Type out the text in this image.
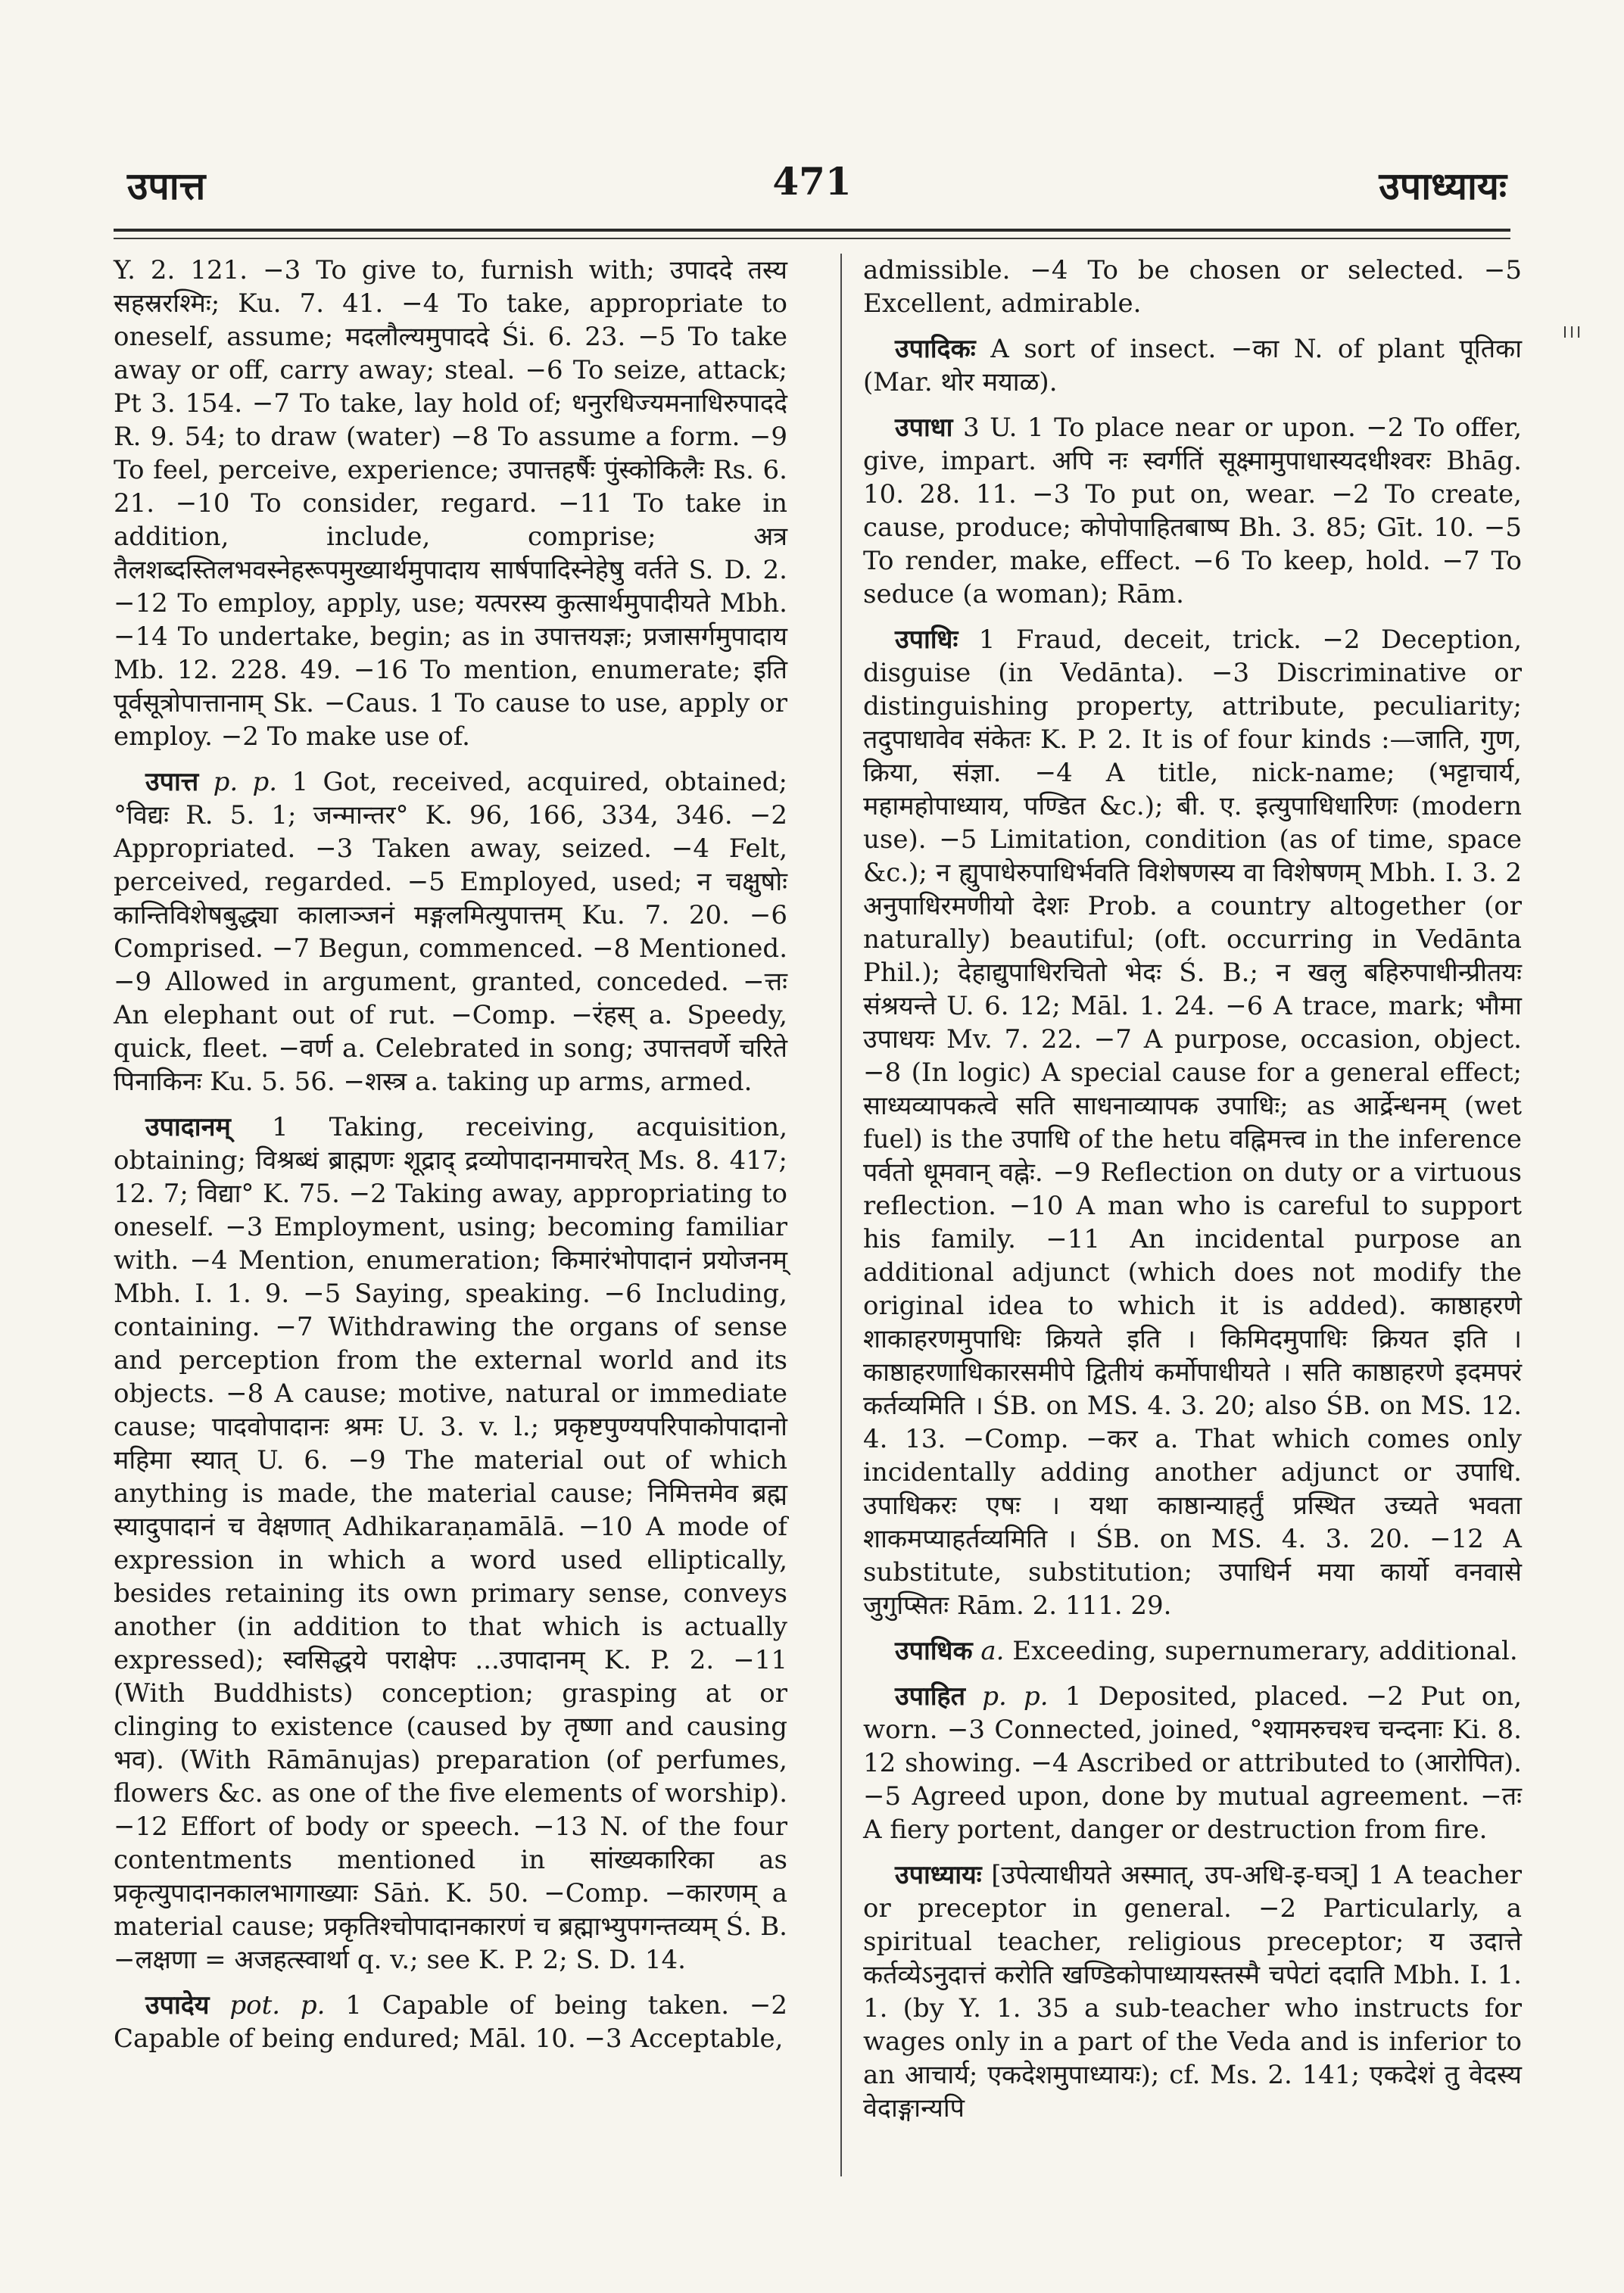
उपात्त	471	उपाध्यायः
।।।

Y. 2. 121. −3 To give to, furnish with; उपाददे तस्य सहस्ररश्मिः; Ku. 7. 41. −4 To take, appropriate to oneself, assume; मदलौल्यमुपाददे Śi. 6. 23. −5 To take away or off, carry away; steal. −6 To seize, attack; Pt 3. 154. −7 To take, lay hold of; धनुरधिज्यमनाधिरुपाददे R. 9. 54; to draw (water) −8 To assume a form. −9 To feel, perceive, experience; उपात्तहर्षैः पुंस्कोकिलैः Rs. 6. 21. −10 To consider, regard. −11 To take in addition, include, comprise; अत्र तैलशब्दस्तिलभवस्नेहरूपमुख्यार्थमुपादाय सार्षपादिस्नेहेषु वर्तते S. D. 2. −12 To employ, apply, use; यत्परस्य कुत्सार्थमुपादीयते Mbh. −14 To undertake, begin; as in उपात्तयज्ञः; प्रजासर्गमुपादाय Mb. 12. 228. 49. −16 To mention, enumerate; इति पूर्वसूत्रोपात्तानाम् Sk. −Caus. 1 To cause to use, apply or employ. −2 To make use of.

उपात्त p. p. 1 Got, received, acquired, obtained; °विद्यः R. 5. 1; जन्मान्तर° K. 96, 166, 334, 346. −2 Appropriated. −3 Taken away, seized. −4 Felt, perceived, regarded. −5 Employed, used; न चक्षुषोः कान्तिविशेषबुद्ध्या कालाञ्जनं मङ्गलमित्युपात्तम् Ku. 7. 20. −6 Comprised. −7 Begun, commenced. −8 Mentioned. −9 Allowed in argument, granted, conceded. −त्तः An elephant out of rut. −Comp. −रंहस् a. Speedy, quick, fleet. −वर्ण a. Celebrated in song; उपात्तवर्णे चरिते पिनाकिनः Ku. 5. 56. −शस्त्र a. taking up arms, armed.

उपादानम् 1 Taking, receiving, acquisition, obtaining; विश्रब्धं ब्राह्मणः शूद्राद् द्रव्योपादानमाचरेत् Ms. 8. 417; 12. 7; विद्या° K. 75. −2 Taking away, appropriating to oneself. −3 Employment, using; becoming familiar with. −4 Mention, enumeration; किमारंभोपादानं प्रयोजनम् Mbh. I. 1. 9. −5 Saying, speaking. −6 Including, containing. −7 Withdrawing the organs of sense and perception from the external world and its objects. −8 A cause; motive, natural or immediate cause; पादवोपादानः श्रमः U. 3. v. l.; प्रकृष्टपुण्यपरिपाकोपादानो महिमा स्यात् U. 6. −9 The material out of which anything is made, the material cause; निमित्तमेव ब्रह्म स्यादुपादानं च वेक्षणात् Adhikaraṇamālā. −10 A mode of expression in which a word used elliptically, besides retaining its own primary sense, conveys another (in addition to that which is actually expressed); स्वसिद्धये पराक्षेपः ...उपादानम् K. P. 2. −11 (With Buddhists) conception; grasping at or clinging to existence (caused by तृष्णा and causing भव). (With Rāmānujas) preparation (of perfumes, flowers &c. as one of the five elements of worship). −12 Effort of body or speech. −13 N. of the four contentments mentioned in सांख्यकारिका as प्रकृत्युपादानकालभागाख्याः Sāṅ. K. 50. −Comp. −कारणम् a material cause; प्रकृतिश्चोपादानकारणं च ब्रह्माभ्युपगन्तव्यम् Ś. B. −लक्षणा = अजहत्स्वार्था q. v.; see K. P. 2; S. D. 14.

उपादेय pot. p. 1 Capable of being taken. −2 Capable of being endured; Māl. 10. −3 Acceptable,

admissible. −4 To be chosen or selected. −5 Excellent, admirable.

उपादिकः A sort of insect. −का N. of plant पूतिका (Mar. थोर मयाळ).

उपाधा 3 U. 1 To place near or upon. −2 To offer, give, impart. अपि नः स्वर्गतिं सूक्ष्मामुपाधास्यदधीश्वरः Bhāg. 10. 28. 11. −3 To put on, wear. −2 To create, cause, produce; कोपोपाहितबाष्प Bh. 3. 85; Gīt. 10. −5 To render, make, effect. −6 To keep, hold. −7 To seduce (a woman); Rām.

उपाधिः 1 Fraud, deceit, trick. −2 Deception, disguise (in Vedānta). −3 Discriminative or distinguishing property, attribute, peculiarity; तदुपाधावेव संकेतः K. P. 2. It is of four kinds :—जाति, गुण, क्रिया, संज्ञा. −4 A title, nick-name; (भट्टाचार्य, महामहोपाध्याय, पण्डित &c.); बी. ए. इत्युपाधिधारिणः (modern use). −5 Limitation, condition (as of time, space &c.); न ह्युपाधेरुपाधिर्भवति विशेषणस्य वा विशेषणम् Mbh. I. 3. 2 अनुपाधिरमणीयो देशः Prob. a country altogether (or naturally) beautiful; (oft. occurring in Vedānta Phil.); देहाद्युपाधिरचितो भेदः Ś. B.; न खलु बहिरुपाधीन्प्रीतयः संश्रयन्ते U. 6. 12; Māl. 1. 24. −6 A trace, mark; भौमा उपाधयः Mv. 7. 22. −7 A purpose, occasion, object. −8 (In logic) A special cause for a general effect; साध्यव्यापकत्वे सति साधनाव्यापक उपाधिः; as आर्द्रेन्धनम् (wet fuel) is the उपाधि of the hetu वह्निमत्त्व in the inference पर्वतो धूमवान् वह्नेः. −9 Reflection on duty or a virtuous reflection. −10 A man who is careful to support his family. −11 An incidental purpose an additional adjunct (which does not modify the original idea to which it is added). काष्ठाहरणे शाकाहरणमुपाधिः क्रियते इति । किमिदमुपाधिः क्रियत इति । काष्ठाहरणाधिकारसमीपे द्वितीयं कर्मोपाधीयते । सति काष्ठाहरणे इदमपरं कर्तव्यमिति । ŚB. on MS. 4. 3. 20; also ŚB. on MS. 12. 4. 13. −Comp. −कर a. That which comes only incidentally adding another adjunct or उपाधि. उपाधिकरः एषः । यथा काष्ठान्याहर्तुं प्रस्थित उच्यते भवता शाकमप्याहर्तव्यमिति । ŚB. on MS. 4. 3. 20. −12 A substitute, substitution; उपाधिर्न मया कार्यो वनवासे जुगुप्सितः Rām. 2. 111. 29.

उपाधिक a. Exceeding, supernumerary, additional.

उपाहित p. p. 1 Deposited, placed. −2 Put on, worn. −3 Connected, joined, °श्यामरुचश्च चन्दनाः Ki. 8. 12 showing. −4 Ascribed or attributed to (आरोपित). −5 Agreed upon, done by mutual agreement. −तः A fiery portent, danger or destruction from fire.

उपाध्यायः [उपेत्याधीयते अस्मात्, उप-अधि-इ-घञ्] 1 A teacher or preceptor in general. −2 Particularly, a spiritual teacher, religious preceptor; य उदात्ते कर्तव्येऽनुदात्तं करोति खण्डिकोपाध्यायस्तस्मै चपेटां ददाति Mbh. I. 1. 1. (by Y. 1. 35 a sub-teacher who instructs for wages only in a part of the Veda and is inferior to an आचार्य; एकदेशमुपाध्यायः); cf. Ms. 2. 141; एकदेशं तु वेदस्य वेदाङ्गान्यपि
